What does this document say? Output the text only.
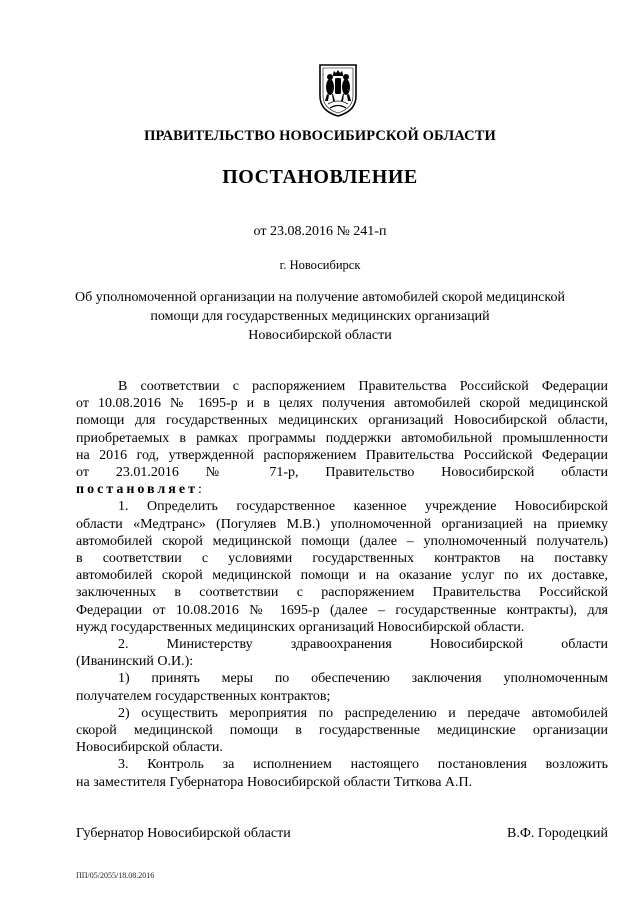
ПРАВИТЕЛЬСТВО НОВОСИБИРСКОЙ ОБЛАСТИ
ПОСТАНОВЛЕНИЕ
от 23.08.2016 № 241-п
г. Новосибирск
Об уполномоченной организации на получение автомобилей скорой медицинской
помощи для государственных медицинских организаций
Новосибирской области

В соответствии с распоряжением Правительства Российской Федерации

от 10.08.2016 № 1695-р и в целях получения автомобилей скорой медицинской

помощи для государственных медицинских организаций Новосибирской области,

приобретаемых в рамках программы поддержки автомобильной промышленности

на 2016 год, утвержденной распоряжением Правительства Российской Федерации

от 23.01.2016 № 71-р, Правительство Новосибирской области

постановляет:

1. Определить государственное казенное учреждение Новосибирской

области «Медтранс» (Погуляев М.В.) уполномоченной организацией на приемку

автомобилей скорой медицинской помощи (далее – уполномоченный получатель)

в соответствии с условиями государственных контрактов на поставку

автомобилей скорой медицинской помощи и на оказание услуг по их доставке,

заключенных в соответствии с распоряжением Правительства Российской

Федерации от 10.08.2016 № 1695-р (далее – государственные контракты), для

нужд государственных медицинских организаций Новосибирской области.

2. Министерству здравоохранения Новосибирской области

(Иванинский О.И.):

1) принять меры по обеспечению заключения уполномоченным

получателем государственных контрактов;

2) осуществить мероприятия по распределению и передаче автомобилей

скорой медицинской помощи в государственные медицинские организации

Новосибирской области.

3. Контроль за исполнением настоящего постановления возложить

на заместителя Губернатора Новосибирской области Титкова А.П.

Губернатор Новосибирской области	В.Ф. Городецкий
ПП/05/2055/18.08.2016
